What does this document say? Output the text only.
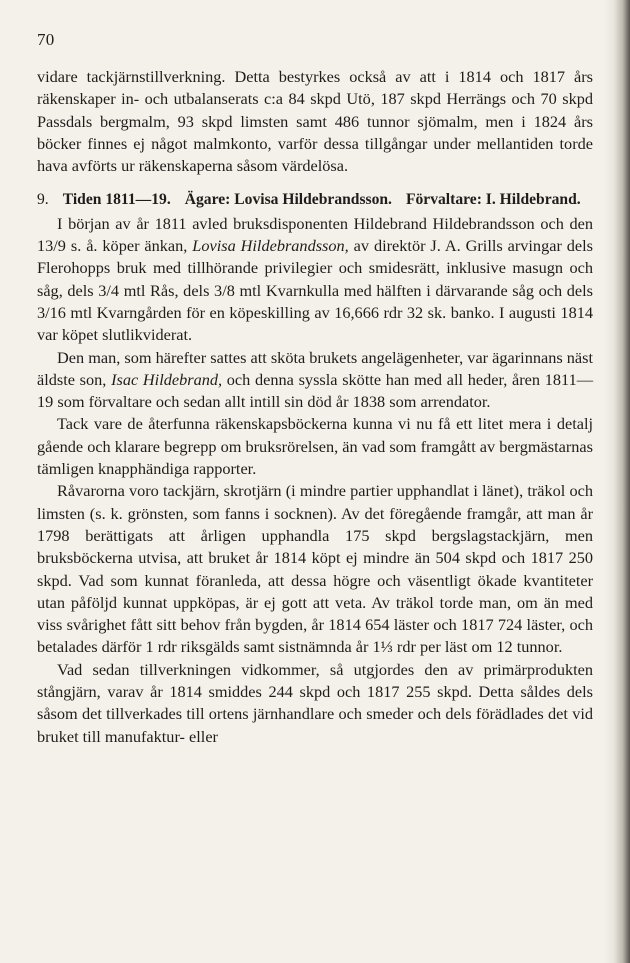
70

vidare tackjärnstillverkning. Detta bestyrkes också av att i 1814 och 1817 års räkenskaper in- och utbalanserats c:a 84 skpd Utö, 187 skpd Herrängs och 70 skpd Passdals bergmalm, 93 skpd limsten samt 486 tunnor sjömalm, men i 1824 års böcker finnes ej något malmkonto, varför dessa tillgångar under mellantiden torde hava avförts ur räkenskaperna såsom värdelösa.

9. Tiden 1811—19. Ägare: Lovisa Hildebrandsson. Förvaltare: I. Hildebrand.

I början av år 1811 avled bruksdisponenten Hildebrand Hildebrandsson och den 13/9 s. å. köper änkan, Lovisa Hildebrandsson, av direktör J. A. Grills arvingar dels Flerohopps bruk med tillhörande privilegier och smidesrätt, inklusive masugn och såg, dels 3/4 mtl Rås, dels 3/8 mtl Kvarnkulla med hälften i därvarande såg och dels 3/16 mtl Kvarngården för en köpeskilling av 16,666 rdr 32 sk. banko. I augusti 1814 var köpet slutlikviderat.

Den man, som härefter sattes att sköta brukets angelägenheter, var ägarinnans näst äldste son, Isac Hildebrand, och denna syssla skötte han med all heder, åren 1811—19 som förvaltare och sedan allt intill sin död år 1838 som arrendator.

Tack vare de återfunna räkenskapsböckerna kunna vi nu få ett litet mera i detalj gående och klarare begrepp om bruksrörelsen, än vad som framgått av bergmästarnas tämligen knapphändiga rapporter.

Råvarorna voro tackjärn, skrotjärn (i mindre partier upphandlat i länet), träkol och limsten (s. k. grönsten, som fanns i socknen). Av det föregående framgår, att man år 1798 berättigats att årligen upphandla 175 skpd bergslagstackjärn, men bruksböckerna utvisa, att bruket år 1814 köpt ej mindre än 504 skpd och 1817 250 skpd. Vad som kunnat föranleda, att dessa högre och väsentligt ökade kvantiteter utan påföljd kunnat uppköpas, är ej gott att veta. Av träkol torde man, om än med viss svårighet fått sitt behov från bygden, år 1814 654 läster och 1817 724 läster, och betalades därför 1 rdr riksgälds samt sistnämnda år 1⅓ rdr per läst om 12 tunnor.

Vad sedan tillverkningen vidkommer, så utgjordes den av primärprodukten stångjärn, varav år 1814 smiddes 244 skpd och 1817 255 skpd. Detta såldes dels såsom det tillverkades till ortens järnhandlare och smeder och dels förädlades det vid bruket till manufaktur- eller
